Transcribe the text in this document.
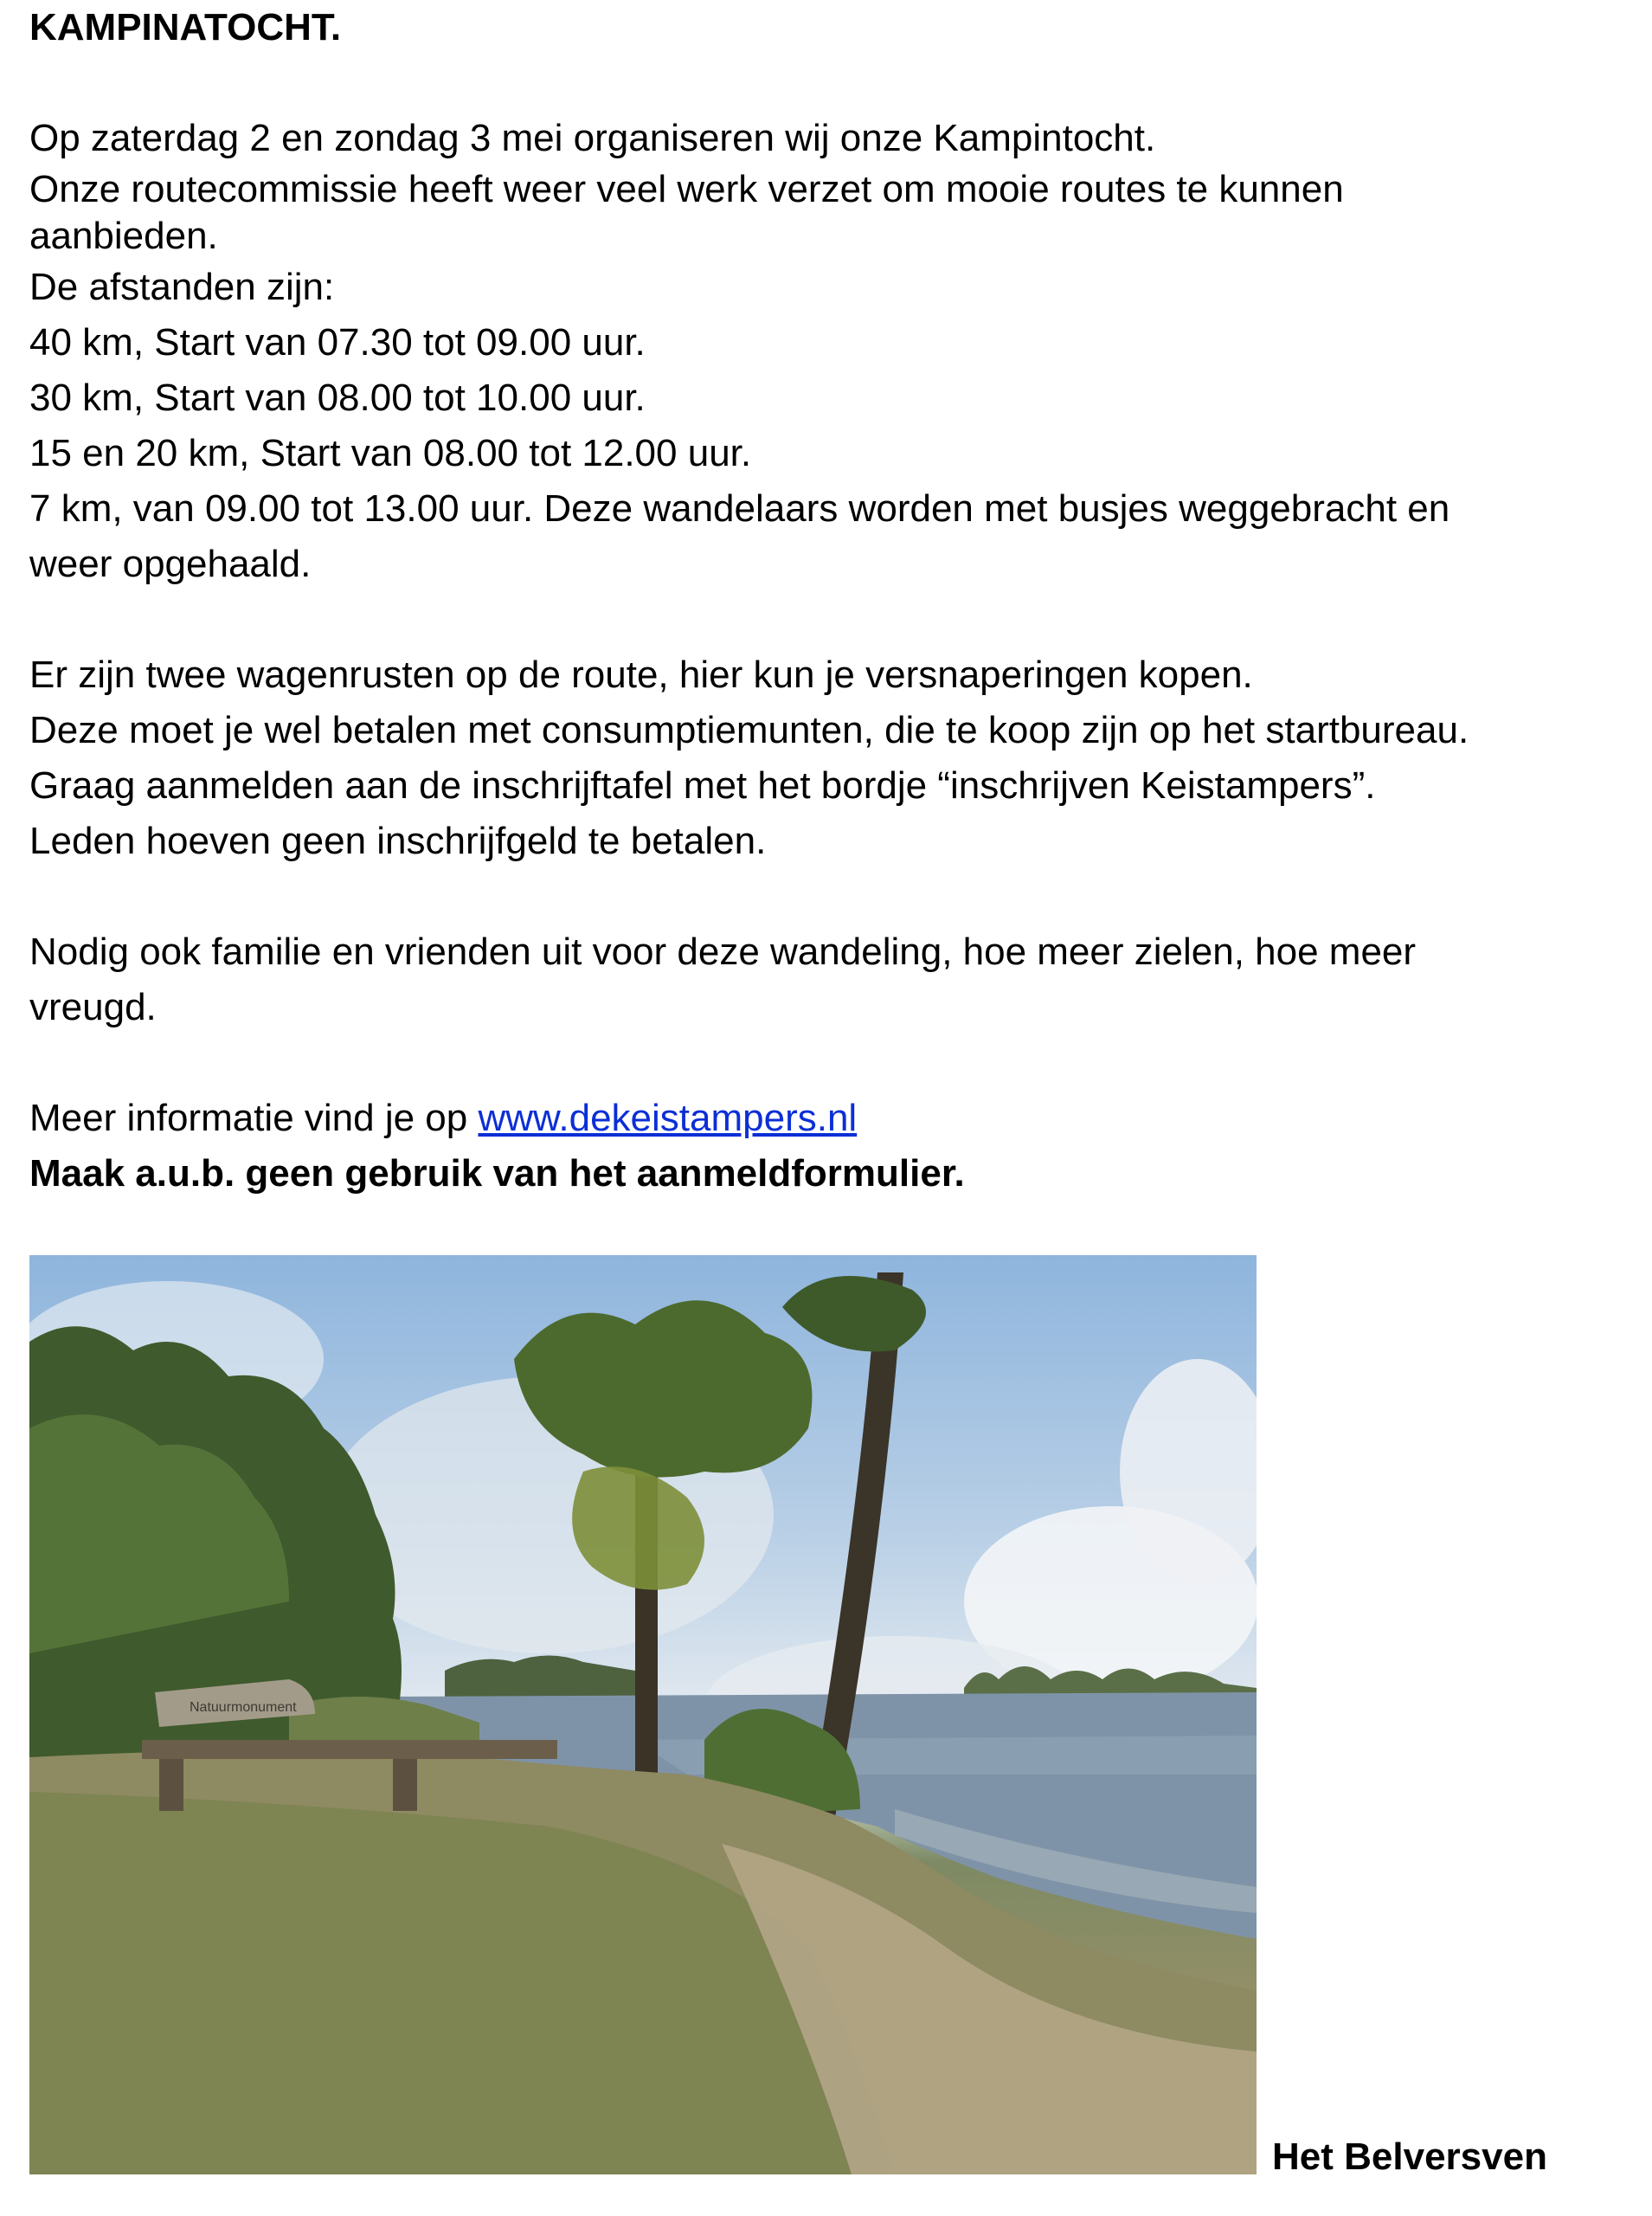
KAMPINATOCHT.
Op zaterdag 2 en zondag 3 mei organiseren wij onze Kampintocht.
Onze routecommissie heeft weer veel werk verzet om mooie routes te kunnen
aanbieden.
De afstanden zijn:
40 km, Start van 07.30 tot 09.00 uur.
30 km, Start van 08.00 tot 10.00 uur.
15 en 20 km, Start van 08.00 tot 12.00 uur.
7 km, van 09.00 tot 13.00 uur. Deze wandelaars worden met busjes weggebracht en
weer opgehaald.
Er zijn twee wagenrusten op de route, hier kun je versnaperingen kopen.
Deze moet je wel betalen met consumptiemunten, die te koop zijn op het startbureau.
Graag aanmelden aan de inschrijftafel met het bordje “inschrijven Keistampers”.
Leden hoeven geen inschrijfgeld te betalen.
Nodig ook familie en vrienden uit voor deze wandeling, hoe meer zielen, hoe meer
vreugd.
Meer informatie vind je op www.dekeistampers.nl
Maak a.u.b. geen gebruik van het aanmeldformulier.
Natuurmonument
Het Belversven
